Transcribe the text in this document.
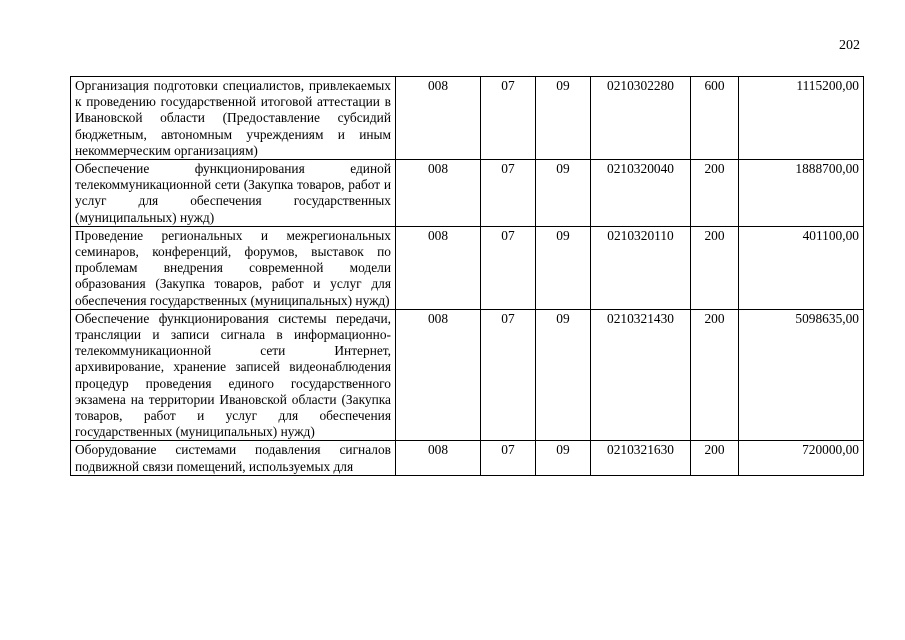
202
Организация подготовки специалистов, привлекаемых к проведению государственной итоговой аттестации в Ивановской области (Предоставление субсидий бюджетным, автономным учреждениям и иным некоммерческим организациям)	008	07	09	0210302280	600	1115200,00
Обеспечение функционирования единой телекоммуникационной сети (Закупка товаров, работ и услуг для обеспечения государственных (муниципальных) нужд)	008	07	09	0210320040	200	1888700,00
Проведение региональных и межрегиональных семинаров, конференций, форумов, выставок по проблемам внедрения современной модели образования (Закупка товаров, работ и услуг для обеспечения государственных (муниципальных) нужд)	008	07	09	0210320110	200	401100,00
Обеспечение функционирования системы передачи, трансляции и записи сигнала в информационно-телекоммуникационной сети Интернет, архивирование, хранение записей видеонаблюдения процедур проведения единого государственного экзамена на территории Ивановской области (Закупка товаров, работ и услуг для обеспечения государственных (муниципальных) нужд)	008	07	09	0210321430	200	5098635,00
Оборудование системами подавления сигналов подвижной связи помещений, используемых для	008	07	09	0210321630	200	720000,00
